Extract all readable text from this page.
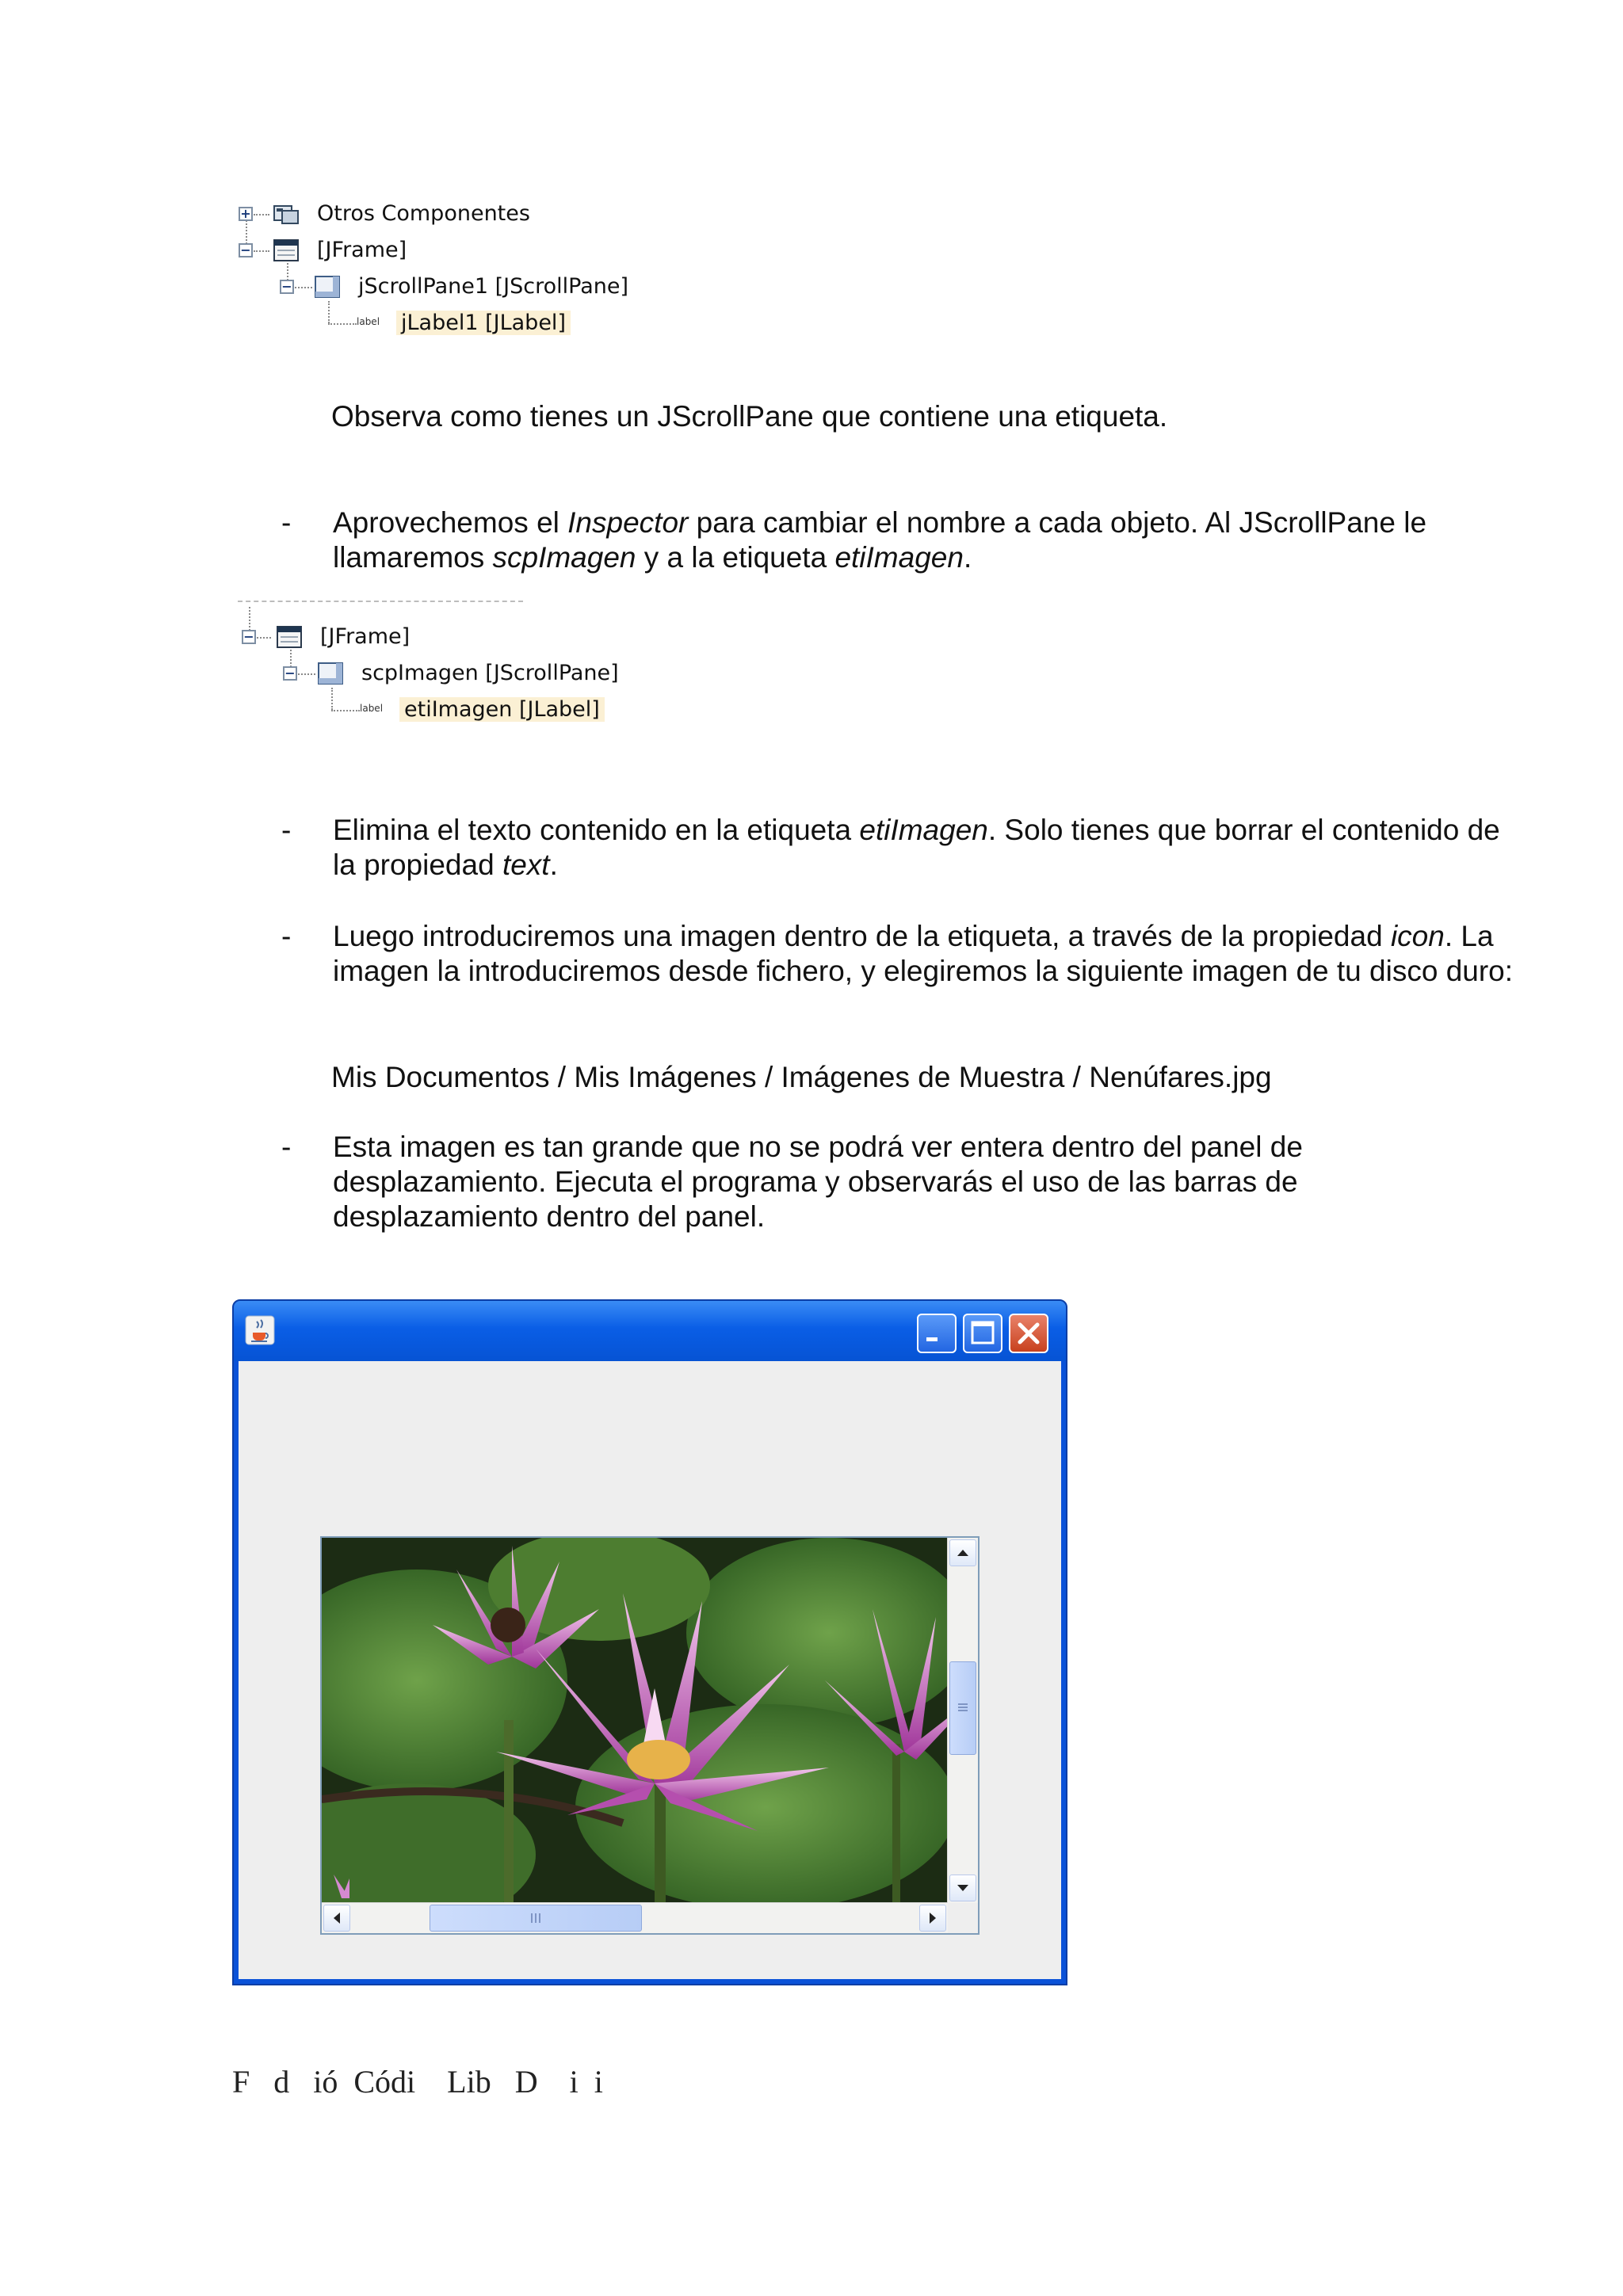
+
−
−
label
Otros Componentes
[JFrame]
jScrollPane1 [JScrollPane]
jLabel1 [JLabel]
Observa como tienes un JScrollPane que contiene una etiqueta.
- Aprovechemos el Inspector para cambiar el nombre a cada objeto. Al JScrollPane le llamaremos scpImagen y a la etiqueta etiImagen.
−
−
label
[JFrame]
scpImagen [JScrollPane]
etiImagen [JLabel]
- Elimina el texto contenido en la etiqueta etiImagen. Solo tienes que borrar el contenido de la propiedad text.
- Luego introduciremos una imagen dentro de la etiqueta, a través de la propiedad icon. La imagen la introduciremos desde fichero, y elegiremos la siguiente imagen de tu disco duro:
Mis Documentos / Mis Imágenes / Imágenes de Muestra / Nenúfares.jpg
- Esta imagen es tan grande que no se podrá ver entera dentro del panel de desplazamiento. Ejecuta el programa y observarás el uso de las barras de desplazamiento dentro del panel.
F   d   ió  Códi    Lib   D    i  i
